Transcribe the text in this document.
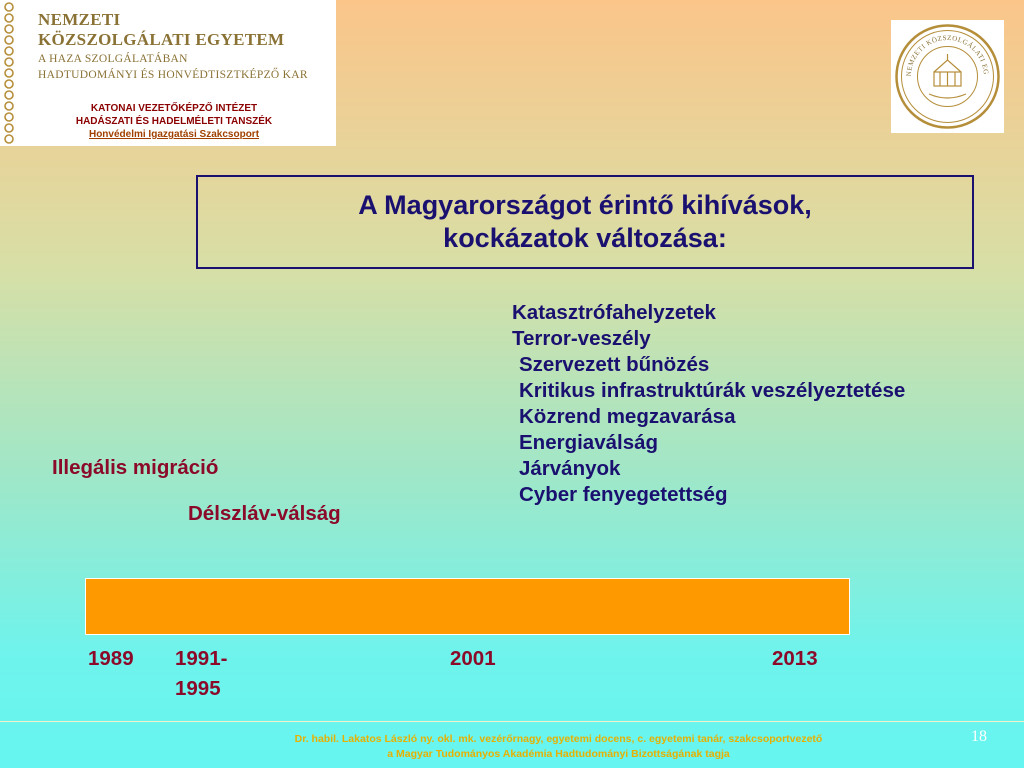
NEMZETI

KÖZSZOLGÁLATI EGYETEM

A HAZA SZOLGÁLATÁBAN

HADTUDOMÁNYI ÉS HONVÉDTISZTKÉPZŐ KAR

KATONAI VEZETŐKÉPZŐ INTÉZET

HADÁSZATI ÉS HADELMÉLETI TANSZÉK

Honvédelmi Igazgatási Szakcsoport

NEMZETI KÖZSZOLGÁLATI EG

A Magyarországot érintő kihívások,

kockázatok változása:

Katasztrófahelyzetek
Terror-veszély
Szervezett bűnözés
Kritikus infrastruktúrák veszélyeztetése
Közrend megzavarása
Energiaválság
Járványok
Cyber fenyegetettség

Illegális migráció

Délszláv-válság

1989 1991-

1995

2001	2013

Dr. habil. Lakatos László ny. okl. mk. vezérőrnagy, egyetemi docens, c. egyetemi tanár, szakcsoportvezető

a Magyar Tudományos Akadémia Hadtudományi Bizottságának tagja

18
